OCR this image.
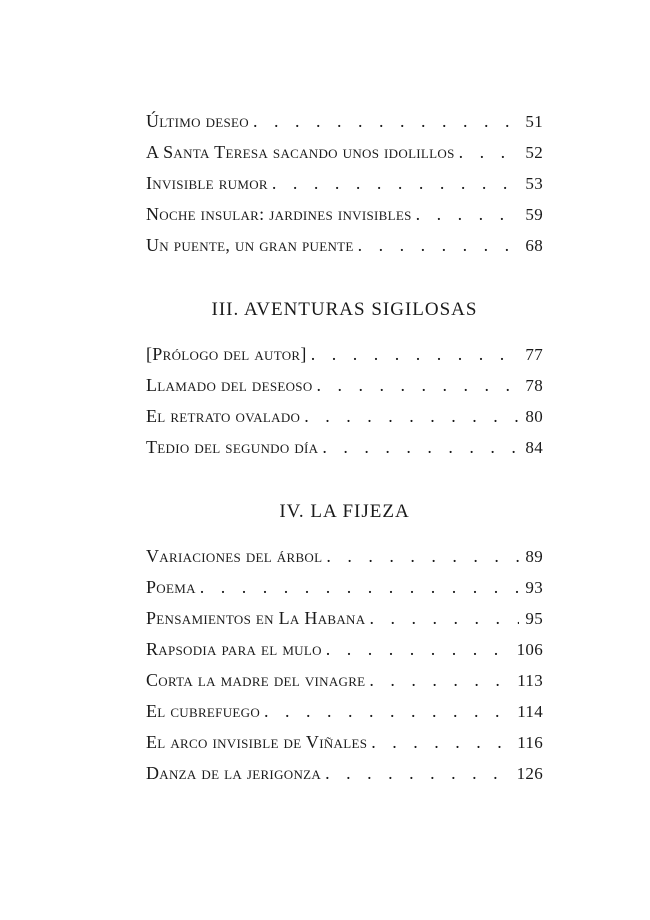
Último deseo . . .	51
A Santa Teresa sacando unos idolillos . . .	52
Invisible rumor . . .	53
Noche insular: jardines invisibles . . .	59
Un puente, un gran puente . . .	68
III. AVENTURAS SIGILOSAS
[Prólogo del autor] . . .	77
Llamado del deseoso . . .	78
El retrato ovalado . . .	80
Tedio del segundo día . . .	84
IV. LA FIJEZA
Variaciones del árbol . . .	89
Poema . . .	93
Pensamientos en La Habana . . .	95
Rapsodia para el mulo . . .	106
Corta la madre del vinagre . . .	113
El cubrefuego . . .	114
El arco invisible de Viñales . . .	116
Danza de la jerigonza . . .	126
